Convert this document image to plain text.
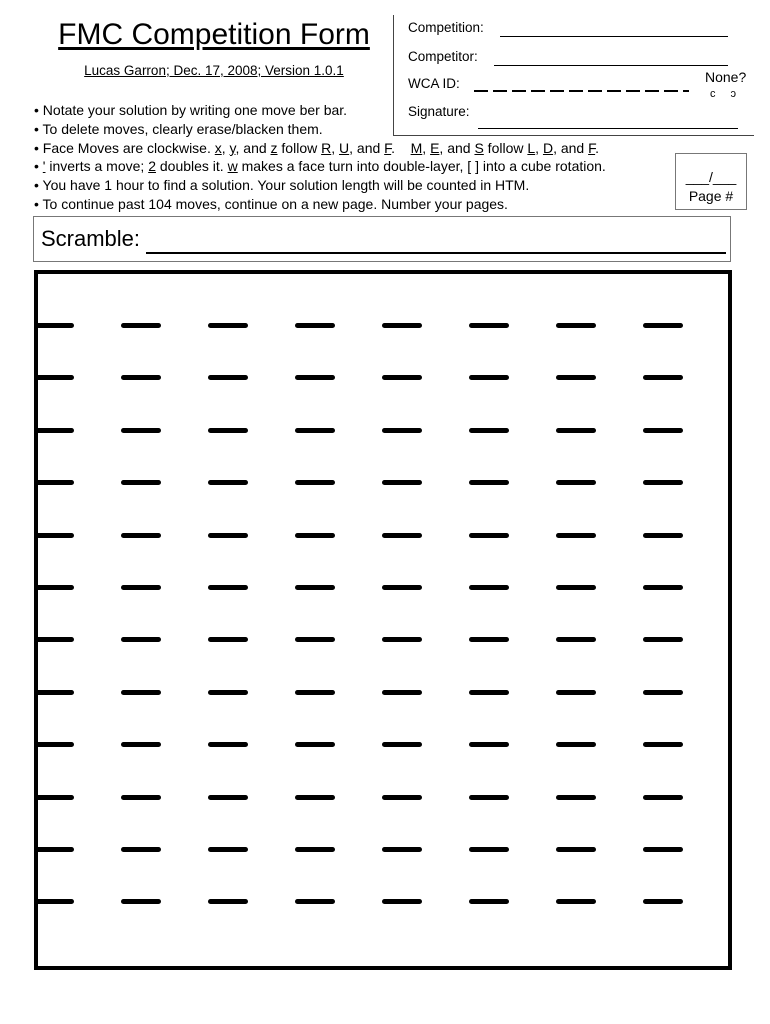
FMC Competition Form
Lucas Garron; Dec. 17, 2008; Version 1.0.1
Competition:
Competitor:
WCA ID:	None?
c ɔ
Signature:
• Notate your solution by writing one move ber bar.
• To delete moves, clearly erase/blacken them.
• Face Moves are clockwise. x, y, and z follow R, U, and F.    M, E, and S follow L, D, and F.
• ' inverts a move; 2 doubles it. w makes a face turn into double-layer, [ ] into a cube rotation.
• You have 1 hour to find a solution. Your solution length will be counted in HTM.
• To continue past 104 moves, continue on a new page. Number your pages.
___/___
Page #
Scramble:
